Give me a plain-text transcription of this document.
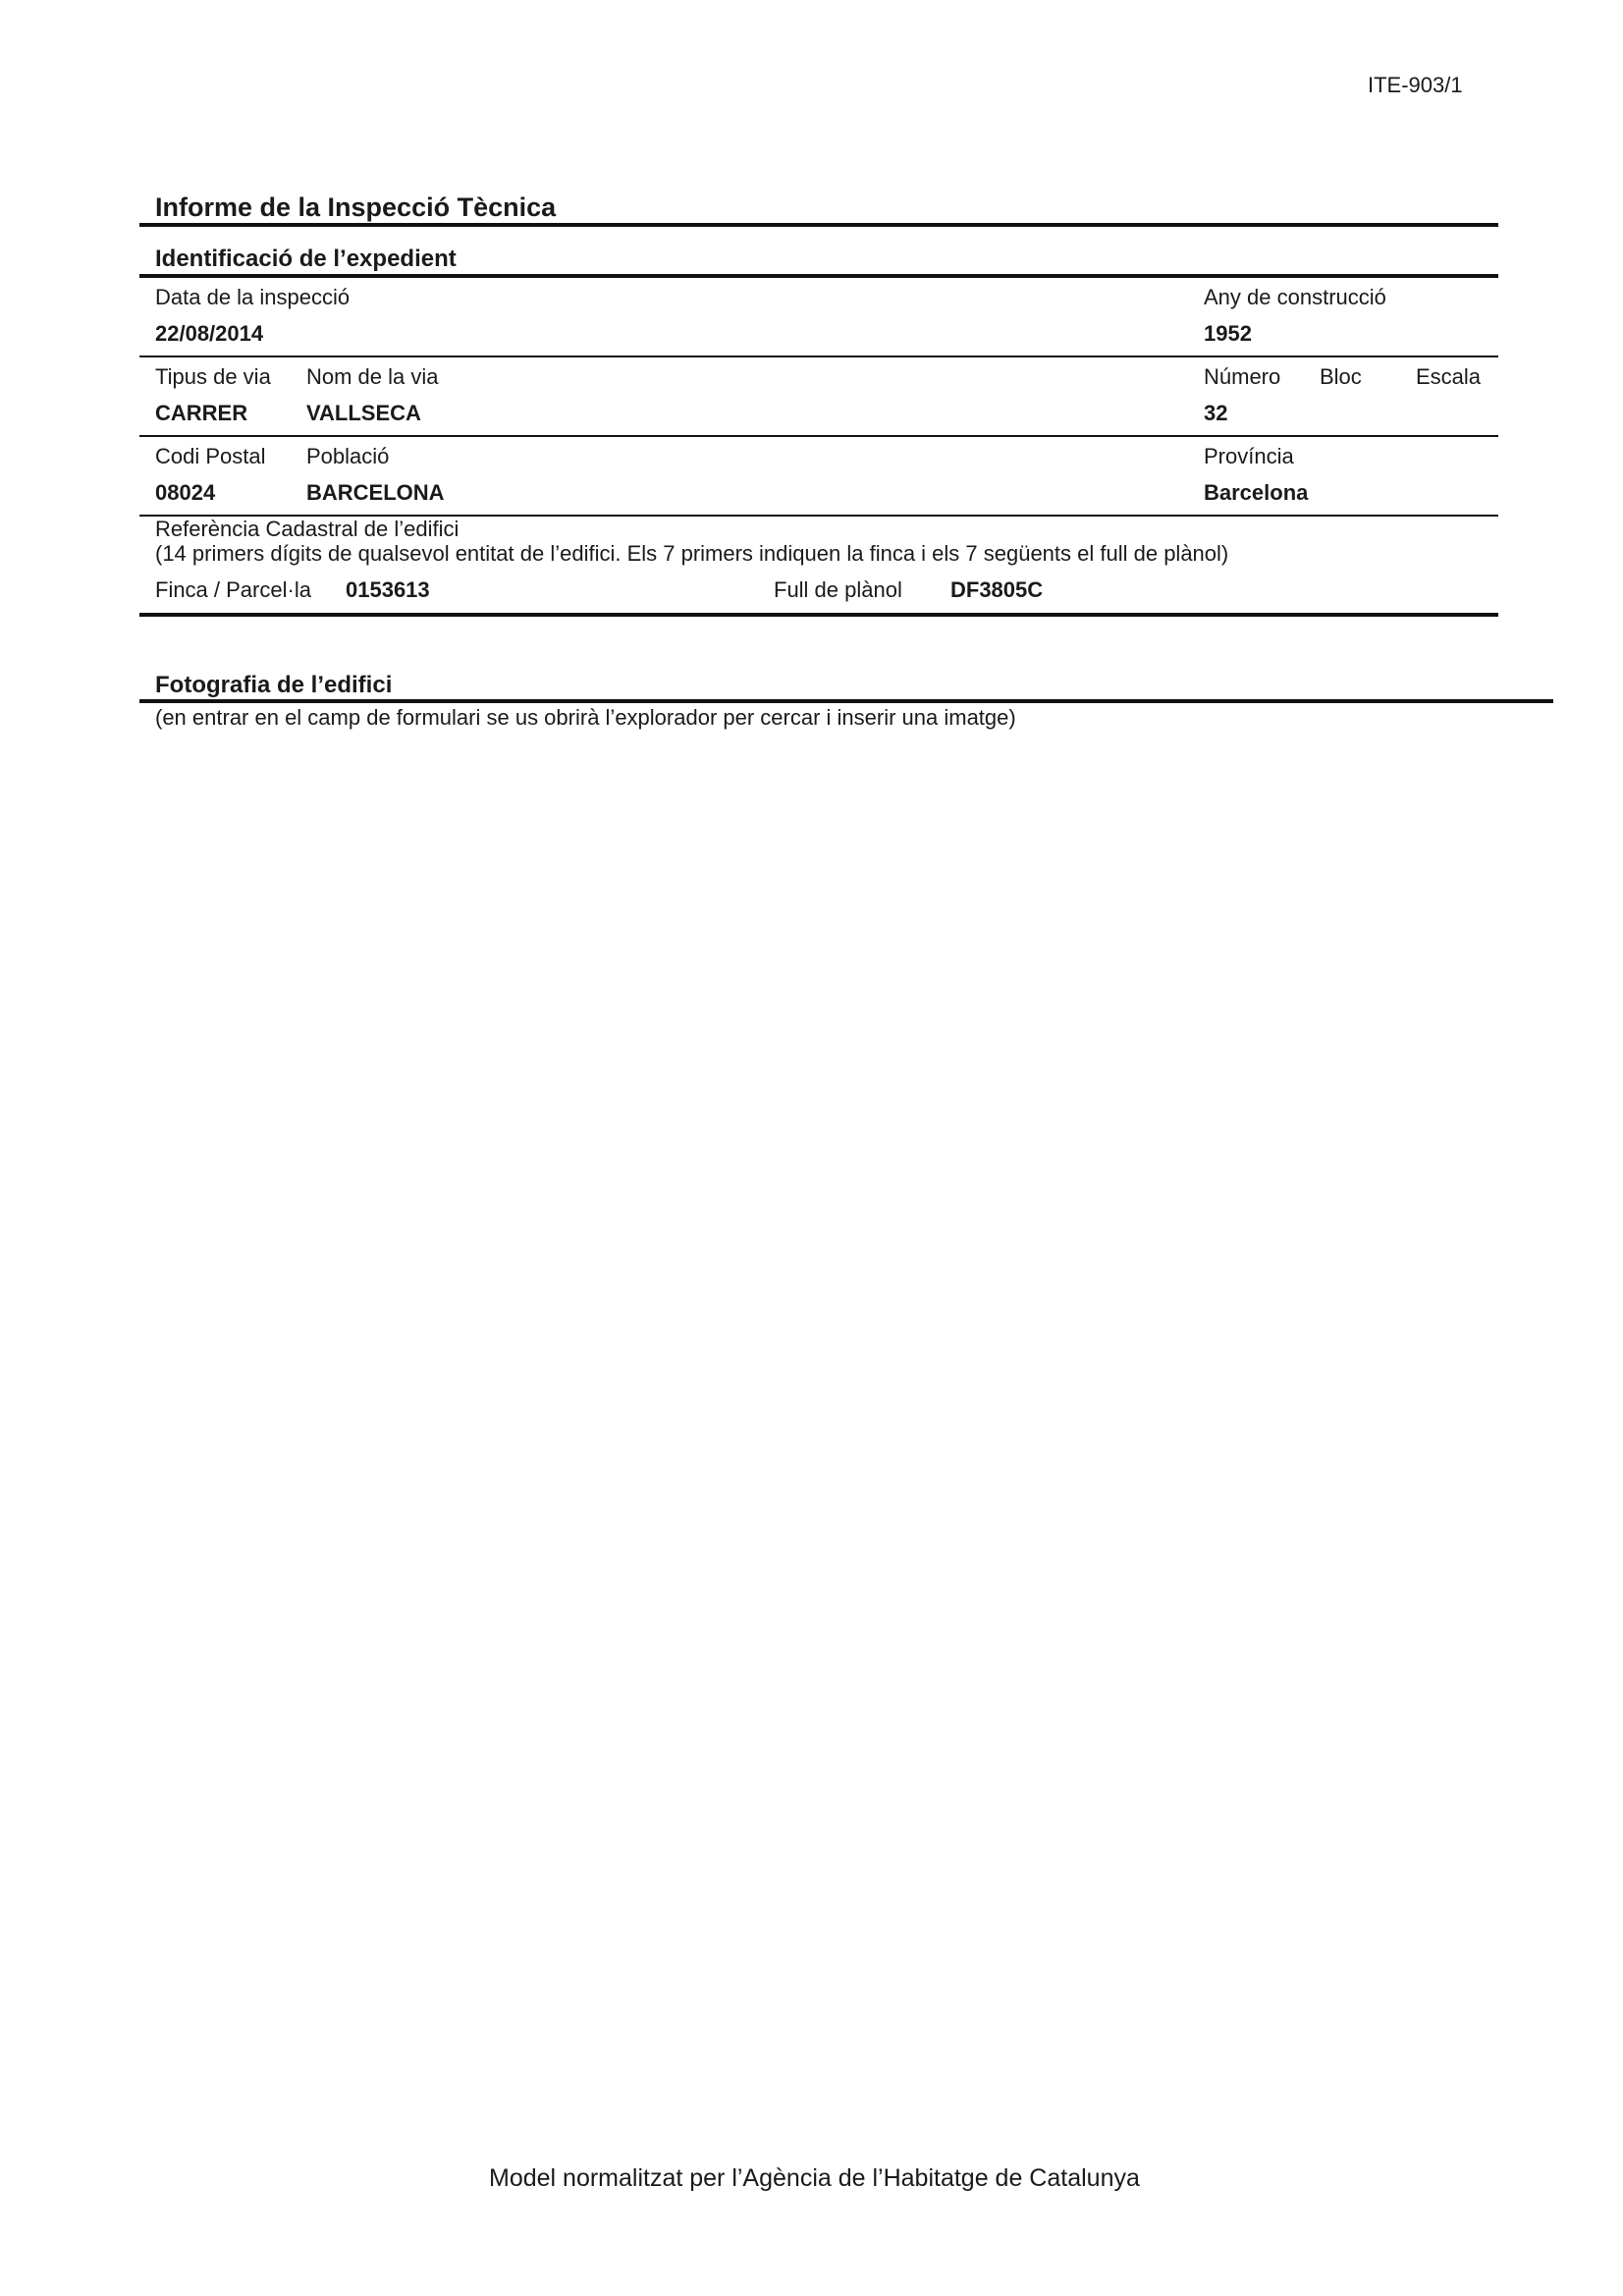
ITE-903/1
Informe de la Inspecció Tècnica
Identificació de l’expedient
Data de la inspecció
22/08/2014
Any de construcció
1952
Tipus de via
CARRER
Nom de la via
VALLSECA
Número
32
Bloc	Escala
Codi Postal
08024
Població
BARCELONA
Província
Barcelona
Referència Cadastral de l’edifici
(14 primers dígits de qualsevol entitat de l’edifici. Els 7 primers indiquen la finca i els 7 següents el full de plànol)
Finca / Parcel·la 0153613	Full de plànol DF3805C
Fotografia de l’edifici
(en entrar en el camp de formulari se us obrirà l’explorador per cercar i inserir una imatge)
Model normalitzat per l’Agència de l’Habitatge de Catalunya
